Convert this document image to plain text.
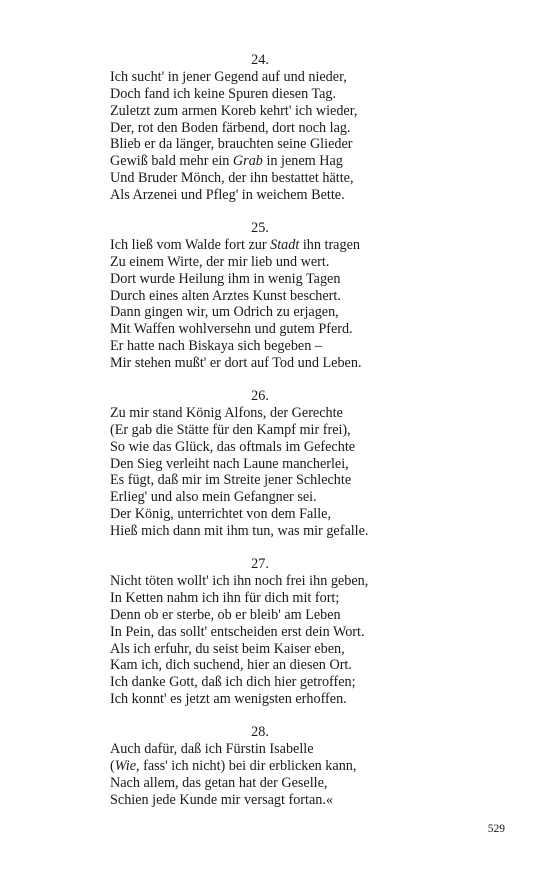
24.
Ich sucht' in jener Gegend auf und nieder,
Doch fand ich keine Spuren diesen Tag.
Zuletzt zum armen Koreb kehrt' ich wieder,
Der, rot den Boden färbend, dort noch lag.
Blieb er da länger, brauchten seine Glieder
Gewiß bald mehr ein Grab in jenem Hag
Und Bruder Mönch, der ihn bestattet hätte,
Als Arzenei und Pfleg' in weichem Bette.
25.
Ich ließ vom Walde fort zur Stadt ihn tragen
Zu einem Wirte, der mir lieb und wert.
Dort wurde Heilung ihm in wenig Tagen
Durch eines alten Arztes Kunst beschert.
Dann gingen wir, um Odrich zu erjagen,
Mit Waffen wohlversehn und gutem Pferd.
Er hatte nach Biskaya sich begeben –
Mir stehen mußt' er dort auf Tod und Leben.
26.
Zu mir stand König Alfons, der Gerechte
(Er gab die Stätte für den Kampf mir frei),
So wie das Glück, das oftmals im Gefechte
Den Sieg verleiht nach Laune mancherlei,
Es fügt, daß mir im Streite jener Schlechte
Erlieg' und also mein Gefangner sei.
Der König, unterrichtet von dem Falle,
Hieß mich dann mit ihm tun, was mir gefalle.
27.
Nicht töten wollt' ich ihn noch frei ihn geben,
In Ketten nahm ich ihn für dich mit fort;
Denn ob er sterbe, ob er bleib' am Leben
In Pein, das sollt' entscheiden erst dein Wort.
Als ich erfuhr, du seist beim Kaiser eben,
Kam ich, dich suchend, hier an diesen Ort.
Ich danke Gott, daß ich dich hier getroffen;
Ich konnt' es jetzt am wenigsten erhoffen.
28.
Auch dafür, daß ich Fürstin Isabelle
(Wie, fass' ich nicht) bei dir erblicken kann,
Nach allem, das getan hat der Geselle,
Schien jede Kunde mir versagt fortan.«
529
